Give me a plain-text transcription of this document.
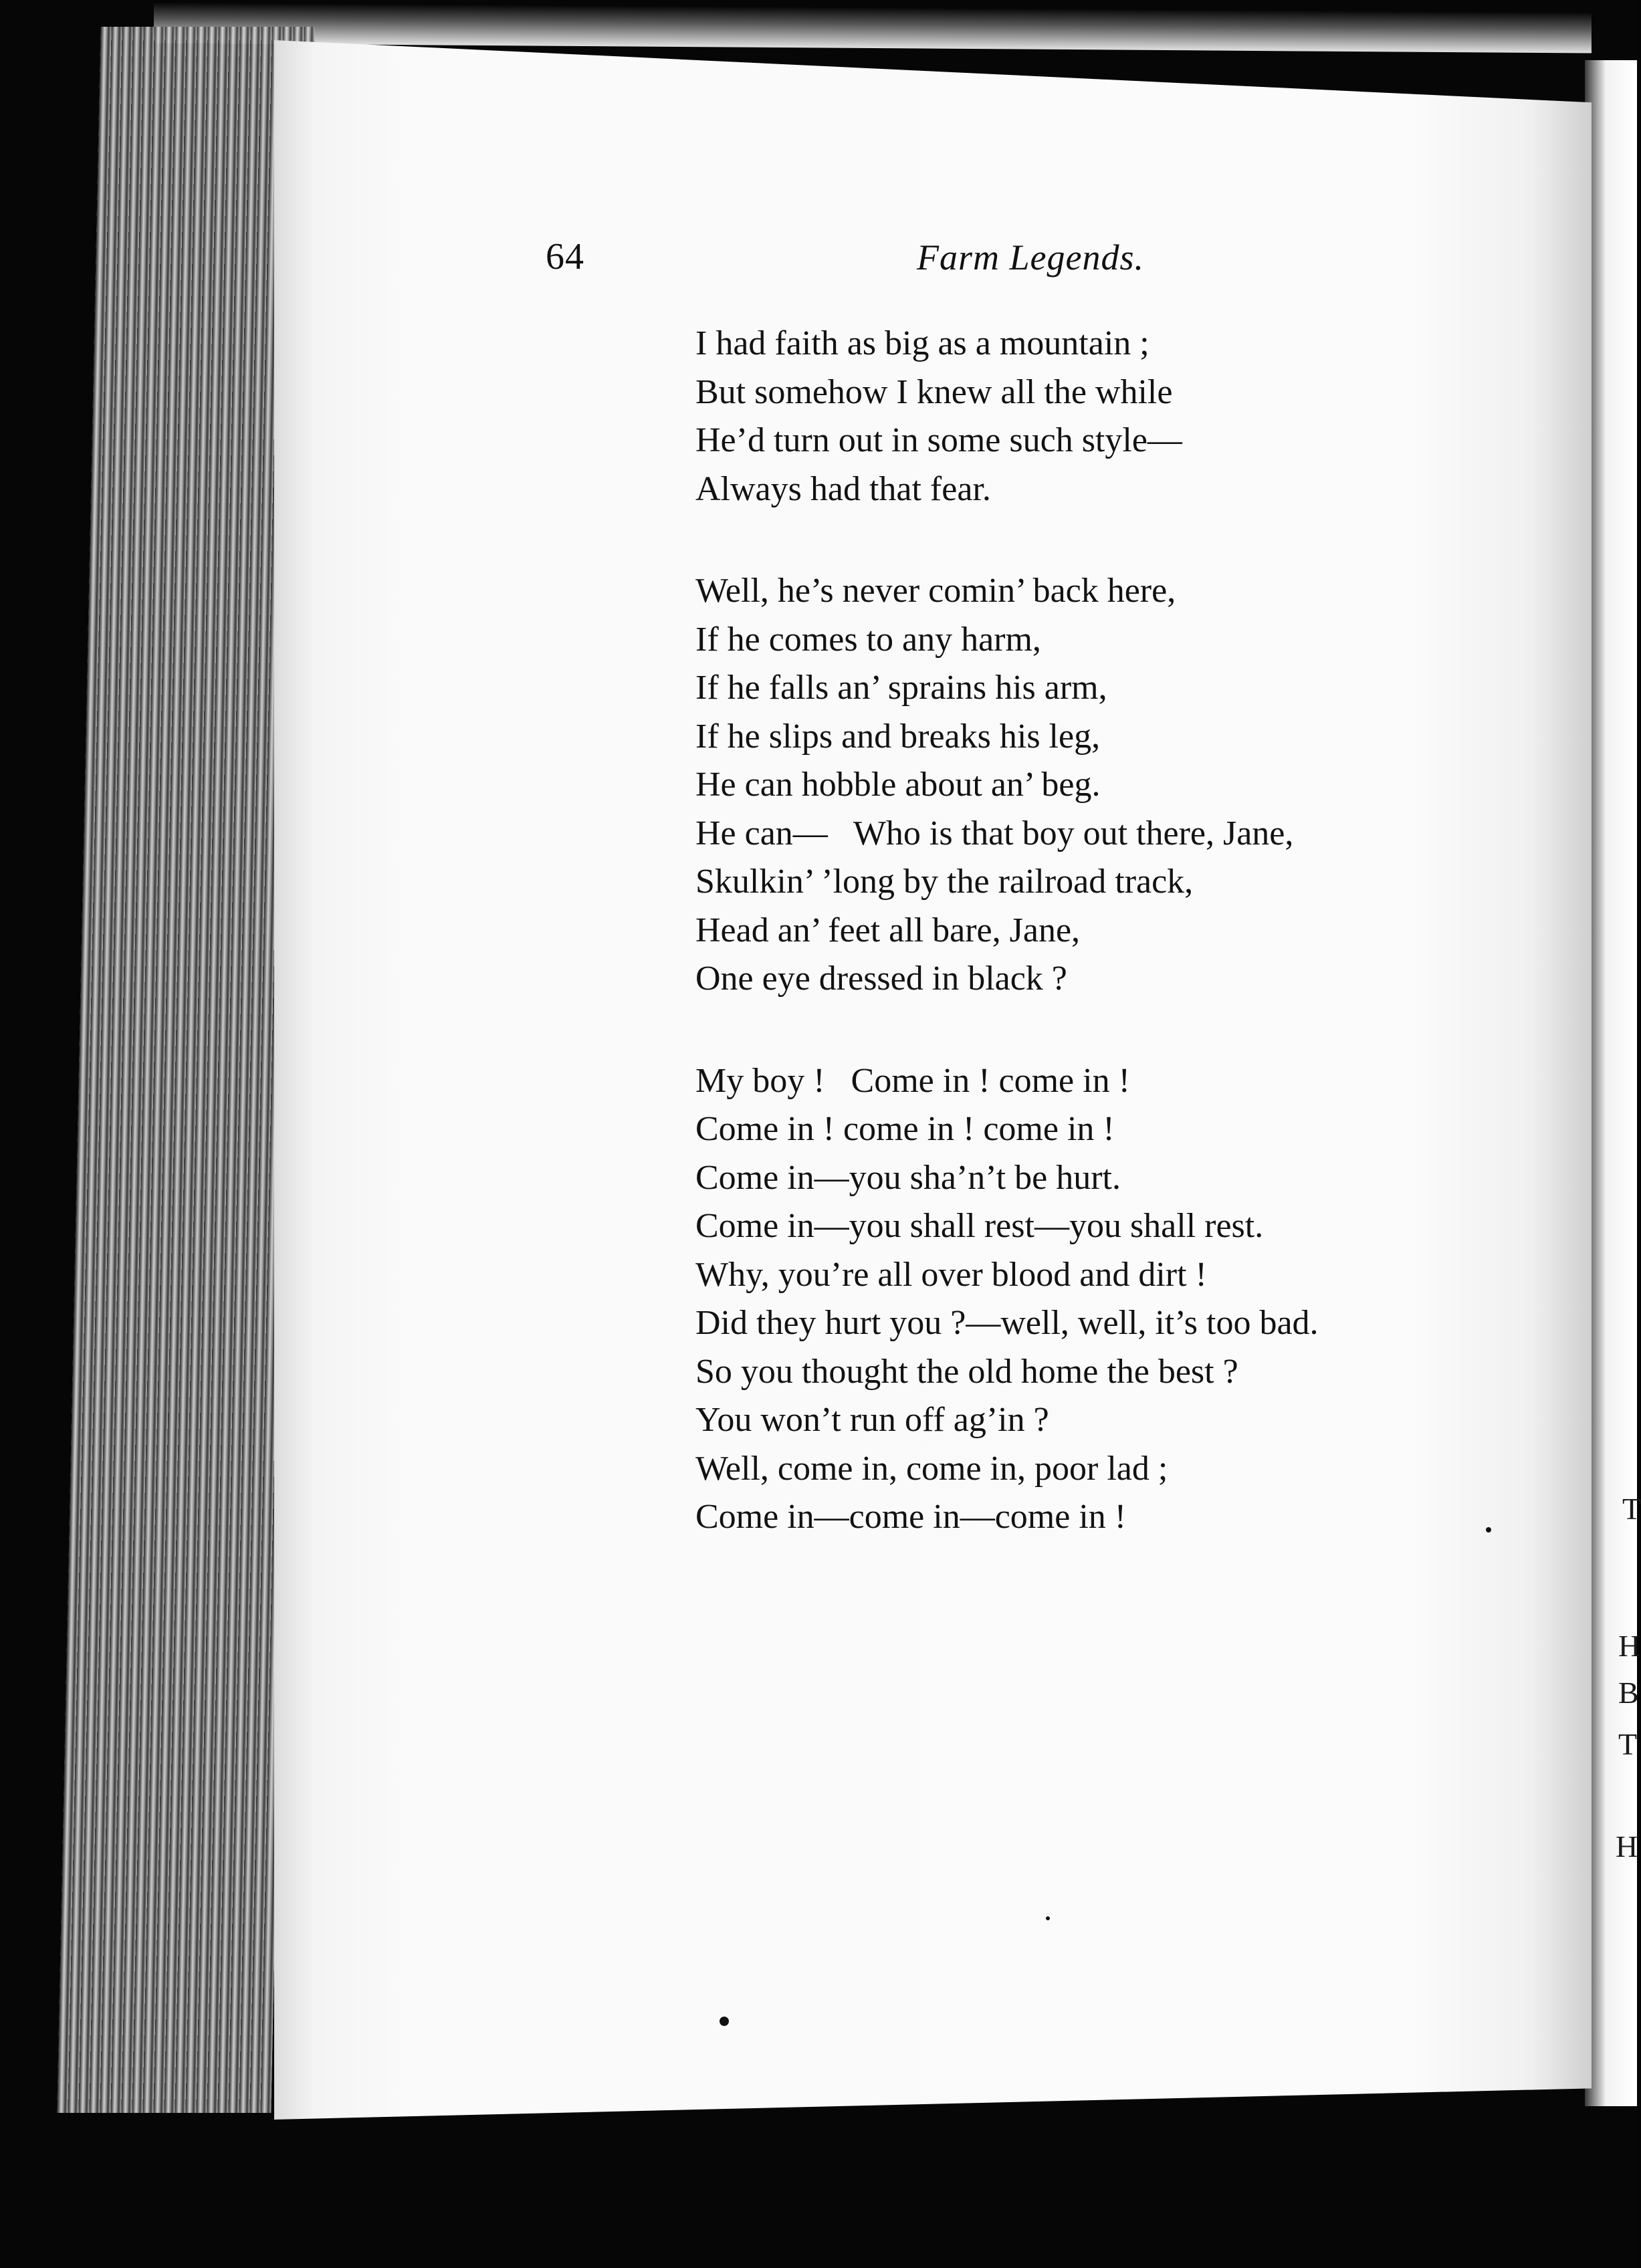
T
H
B
T
H
64	Farm Legends.
I had faith as big as a mountain ;
But somehow I knew all the while
He’d turn out in some such style—
Always had that fear.
Well, he’s never comin’ back here,
If he comes to any harm,
If he falls an’ sprains his arm,
If he slips and breaks his leg,
He can hobble about an’ beg.
He can—   Who is that boy out there, Jane,
Skulkin’ ’long by the railroad track,
Head an’ feet all bare, Jane,
One eye dressed in black ?
My boy !   Come in ! come in !
Come in ! come in ! come in !
Come in—you sha’n’t be hurt.
Come in—you shall rest—you shall rest.
Why, you’re all over blood and dirt !
Did they hurt you ?—well, well, it’s too bad.
So you thought the old home the best ?
You won’t run off ag’in ?
Well, come in, come in, poor lad ;
Come in—come in—come in !
